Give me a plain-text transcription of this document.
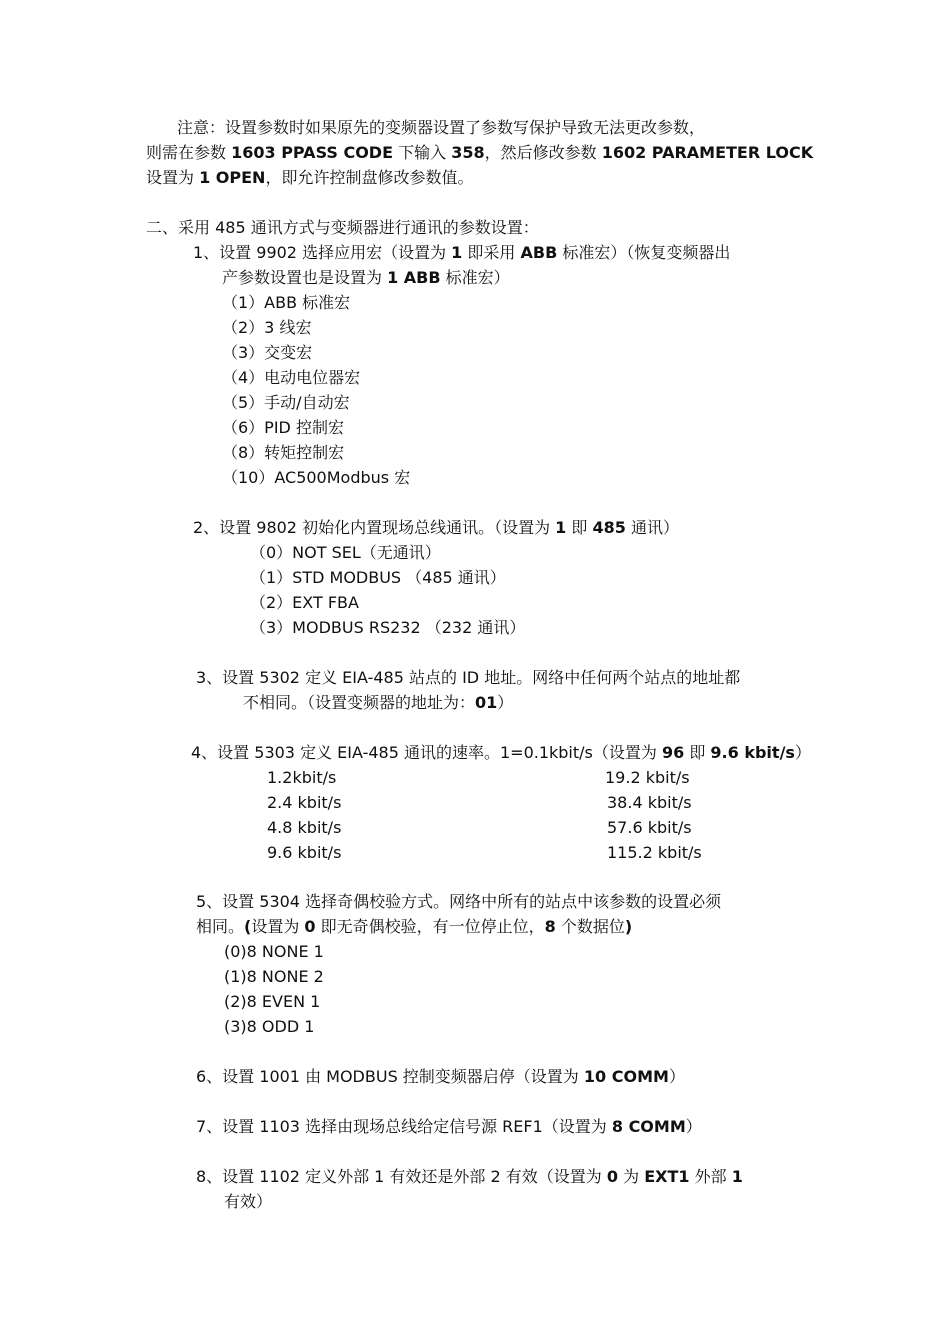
注意：设置参数时如果原先的变频器设置了参数写保护导致无法更改参数，
则需在参数 1603 PPASS CODE 下输入 358，然后修改参数 1602 PARAMETER LOCK
设置为 1 OPEN，即允许控制盘修改参数值。
二、采用 485 通讯方式与变频器进行通讯的参数设置：
1、设置 9902 选择应用宏（设置为 1 即采用 ABB 标准宏）（恢复变频器出
产参数设置也是设置为 1 ABB 标准宏）
（1）ABB 标准宏
（2）3 线宏
（3）交变宏
（4）电动电位器宏
（5）手动/自动宏
（6）PID 控制宏
（8）转矩控制宏
（10）AC500Modbus 宏
2、设置 9802 初始化内置现场总线通讯。（设置为 1 即 485 通讯）
（0）NOT SEL（无通讯）
（1）STD MODBUS （485 通讯）
（2）EXT FBA
（3）MODBUS RS232 （232 通讯）
3、设置 5302 定义 EIA-485 站点的 ID 地址。网络中任何两个站点的地址都
不相同。（设置变频器的地址为：01）
4、设置 5303 定义 EIA-485 通讯的速率。1=0.1kbit/s（设置为 96 即 9.6 kbit/s）
1.2kbit/s	19.2 kbit/s
2.4 kbit/s	38.4 kbit/s
4.8 kbit/s	57.6 kbit/s
9.6 kbit/s	115.2 kbit/s
5、设置 5304 选择奇偶校验方式。网络中所有的站点中该参数的设置必须
相同。(设置为 0 即无奇偶校验，有一位停止位，8 个数据位)
(0)8 NONE 1
(1)8 NONE 2
(2)8 EVEN 1
(3)8 ODD 1
6、设置 1001 由 MODBUS 控制变频器启停（设置为 10 COMM）
7、设置 1103 选择由现场总线给定信号源 REF1（设置为 8 COMM）
8、设置 1102 定义外部 1 有效还是外部 2 有效（设置为 0 为 EXT1 外部 1
有效）
